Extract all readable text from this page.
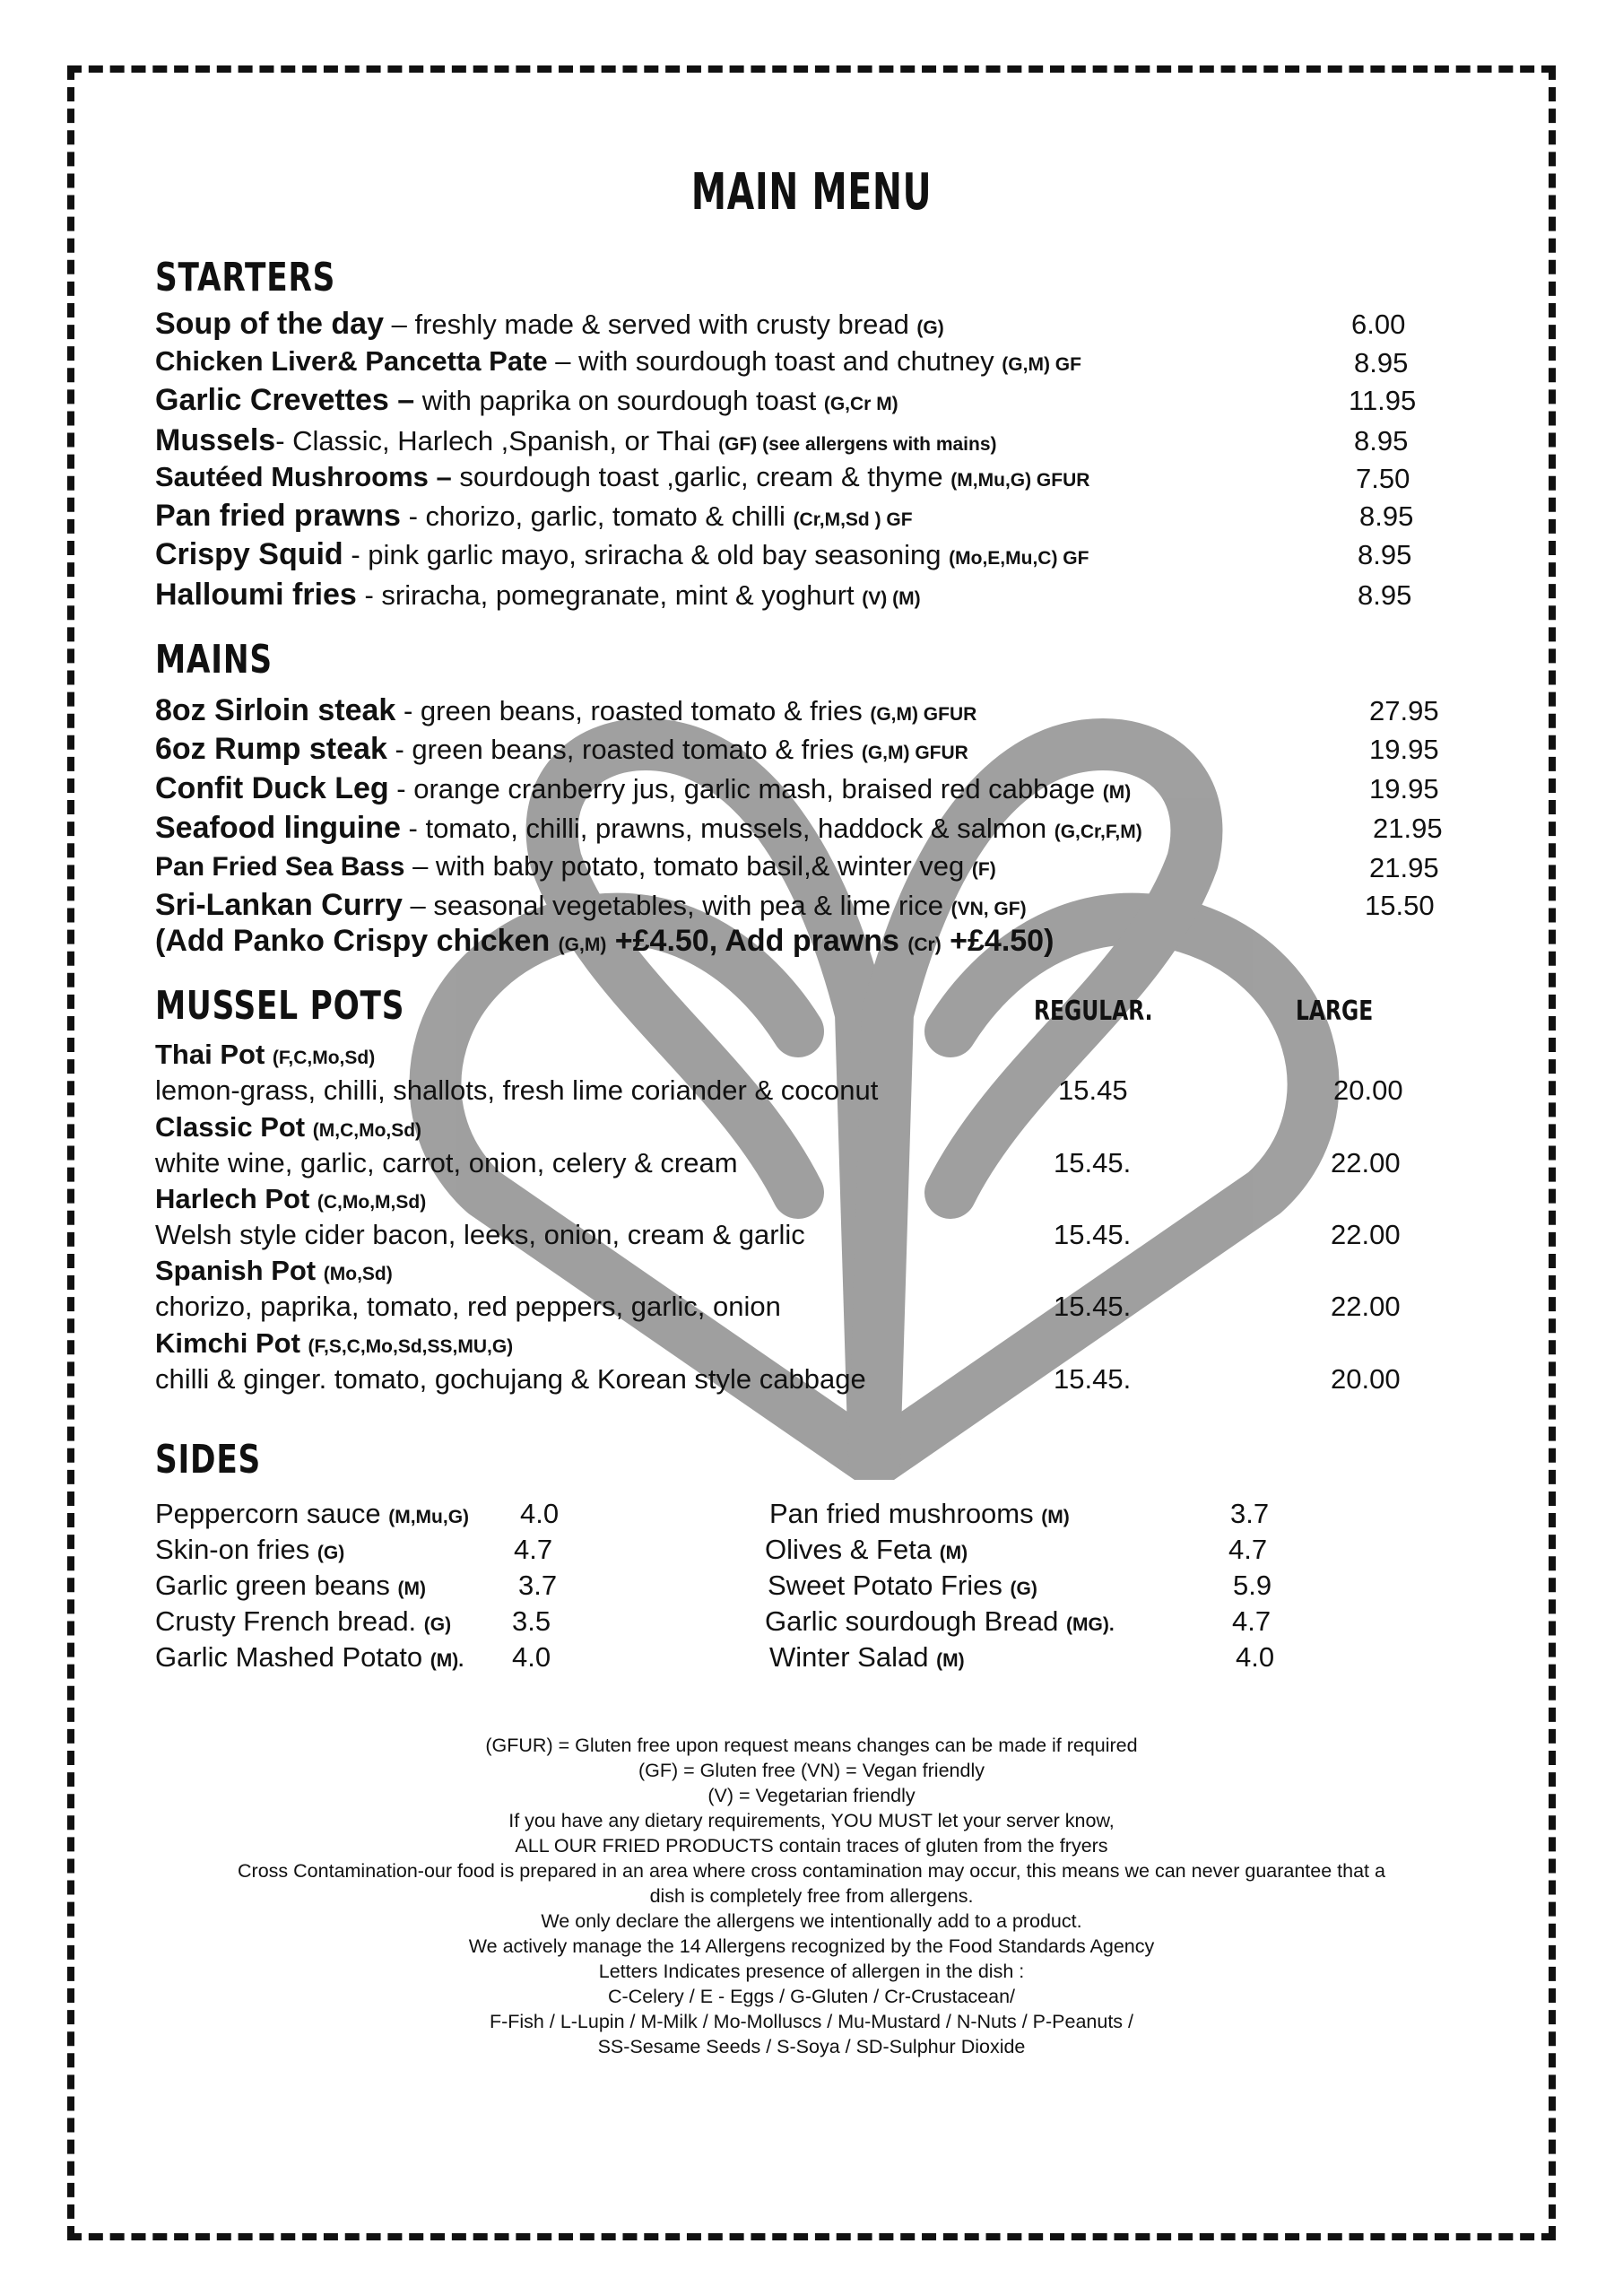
MAIN MENU
STARTERS
Soup of the day – freshly made & served with crusty bread (G)	6.00
Chicken Liver& Pancetta Pate – with sourdough toast and chutney (G,M) GF	8.95
Garlic Crevettes – with paprika on sourdough toast (G,Cr M)	11.95
Mussels- Classic, Harlech ,Spanish, or Thai (GF) (see allergens with mains)	8.95
Sautéed Mushrooms – sourdough toast ,garlic, cream & thyme (M,Mu,G) GFUR	7.50
Pan fried prawns - chorizo, garlic, tomato & chilli (Cr,M,Sd ) GF	8.95
Crispy Squid - pink garlic mayo, sriracha & old bay seasoning (Mo,E,Mu,C) GF	8.95
Halloumi fries - sriracha, pomegranate, mint & yoghurt (V) (M)	8.95
MAINS
8oz Sirloin steak - green beans, roasted tomato & fries (G,M) GFUR	27.95
6oz Rump steak - green beans, roasted tomato & fries (G,M) GFUR	19.95
Confit Duck Leg - orange cranberry jus, garlic mash, braised red cabbage (M)	19.95
Seafood linguine - tomato, chilli, prawns, mussels, haddock & salmon (G,Cr,F,M)	21.95
Pan Fried Sea Bass – with baby potato, tomato basil,& winter veg (F)	21.95
Sri-Lankan Curry – seasonal vegetables, with pea & lime rice (VN, GF)	15.50
(Add Panko Crispy chicken (G,M) +£4.50, Add prawns (Cr) +£4.50)
MUSSEL POTS	REGULAR.	LARGE
Thai Pot (F,C,Mo,Sd)
lemon-grass, chilli, shallots, fresh lime coriander & coconut	15.45	20.00
Classic Pot (M,C,Mo,Sd)
white wine, garlic, carrot, onion, celery & cream	15.45.	22.00
Harlech Pot (C,Mo,M,Sd)
Welsh style cider bacon, leeks, onion, cream & garlic	15.45.	22.00
Spanish Pot (Mo,Sd)
chorizo, paprika, tomato, red peppers, garlic, onion	15.45.	22.00
Kimchi Pot (F,S,C,Mo,Sd,SS,MU,G)
chilli & ginger. tomato, gochujang & Korean style cabbage	15.45.	20.00
SIDES
Peppercorn sauce (M,Mu,G) 4.0
Skin-on fries (G)	4.7
Garlic green beans (M)	3.7
Crusty French bread. (G) 3.5
Garlic Mashed Potato (M). 4.0
Pan fried mushrooms (M)	3.7
Olives & Feta (M)	4.7
Sweet Potato Fries (G)	5.9
Garlic sourdough Bread (MG).	4.7
Winter Salad (M)	4.0
(GFUR) = Gluten free upon request means changes can be made if required
(GF) = Gluten free (VN) = Vegan friendly
(V) = Vegetarian friendly
If you have any dietary requirements, YOU MUST let your server know,
ALL OUR FRIED PRODUCTS contain traces of gluten from the fryers
Cross Contamination-our food is prepared in an area where cross contamination may occur, this means we can never guarantee that a
dish is completely free from allergens.
We only declare the allergens we intentionally add to a product.
We actively manage the 14 Allergens recognized by the Food Standards Agency
Letters Indicates presence of allergen in the dish :
C-Celery / E - Eggs / G-Gluten / Cr-Crustacean/
F-Fish / L-Lupin / M-Milk / Mo-Molluscs / Mu-Mustard / N-Nuts / P-Peanuts /
SS-Sesame Seeds / S-Soya / SD-Sulphur Dioxide
